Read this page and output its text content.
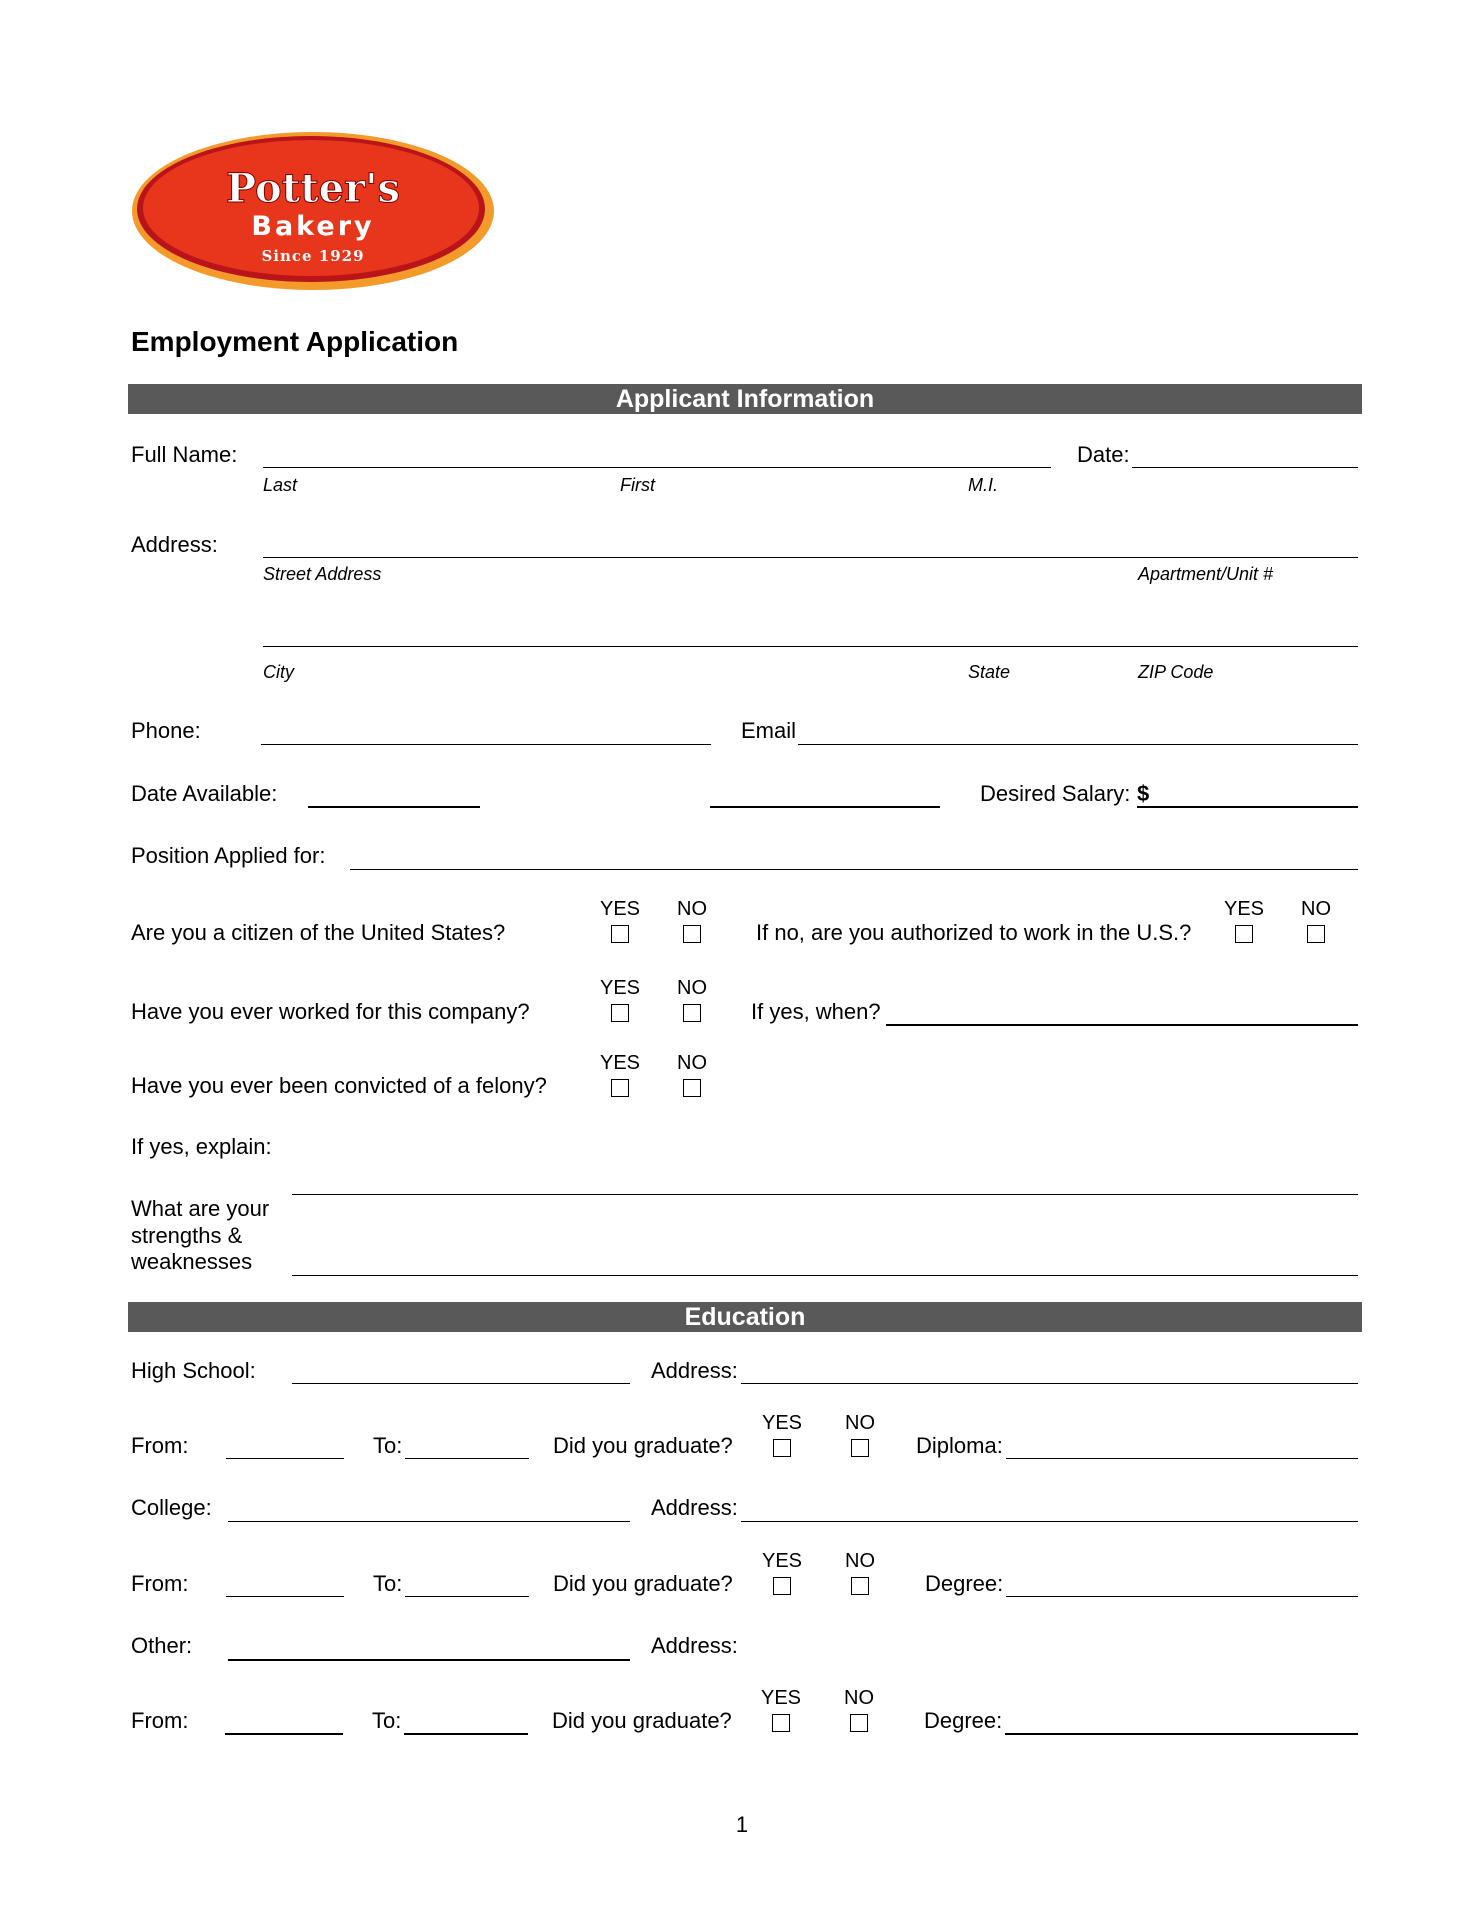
Potter's
Bakery
Since 1929
Employment Application
Applicant Information
Full Name:
Last	First	M.I.
Date:
Address:
Street Address	Apartment/Unit #
City	State	ZIP Code
Phone:	Email
Date Available:	Desired Salary: $
Position Applied for:
Are you a citizen of the United States?
YES NO
If no, are you authorized to work in the U.S.?
YES NO
Have you ever worked for this company?
YES NO
If yes, when?
Have you ever been convicted of a felony?
YES NO
If yes, explain:
What are your
strengths &
weaknesses
Education
High School:	Address:
From:	To:	Did you graduate?
YES NO
Diploma:
College:	Address:
From:	To:	Did you graduate?
YES NO
Degree:
Other:	Address:
From:	To:	Did you graduate?
YES NO
Degree:
1
